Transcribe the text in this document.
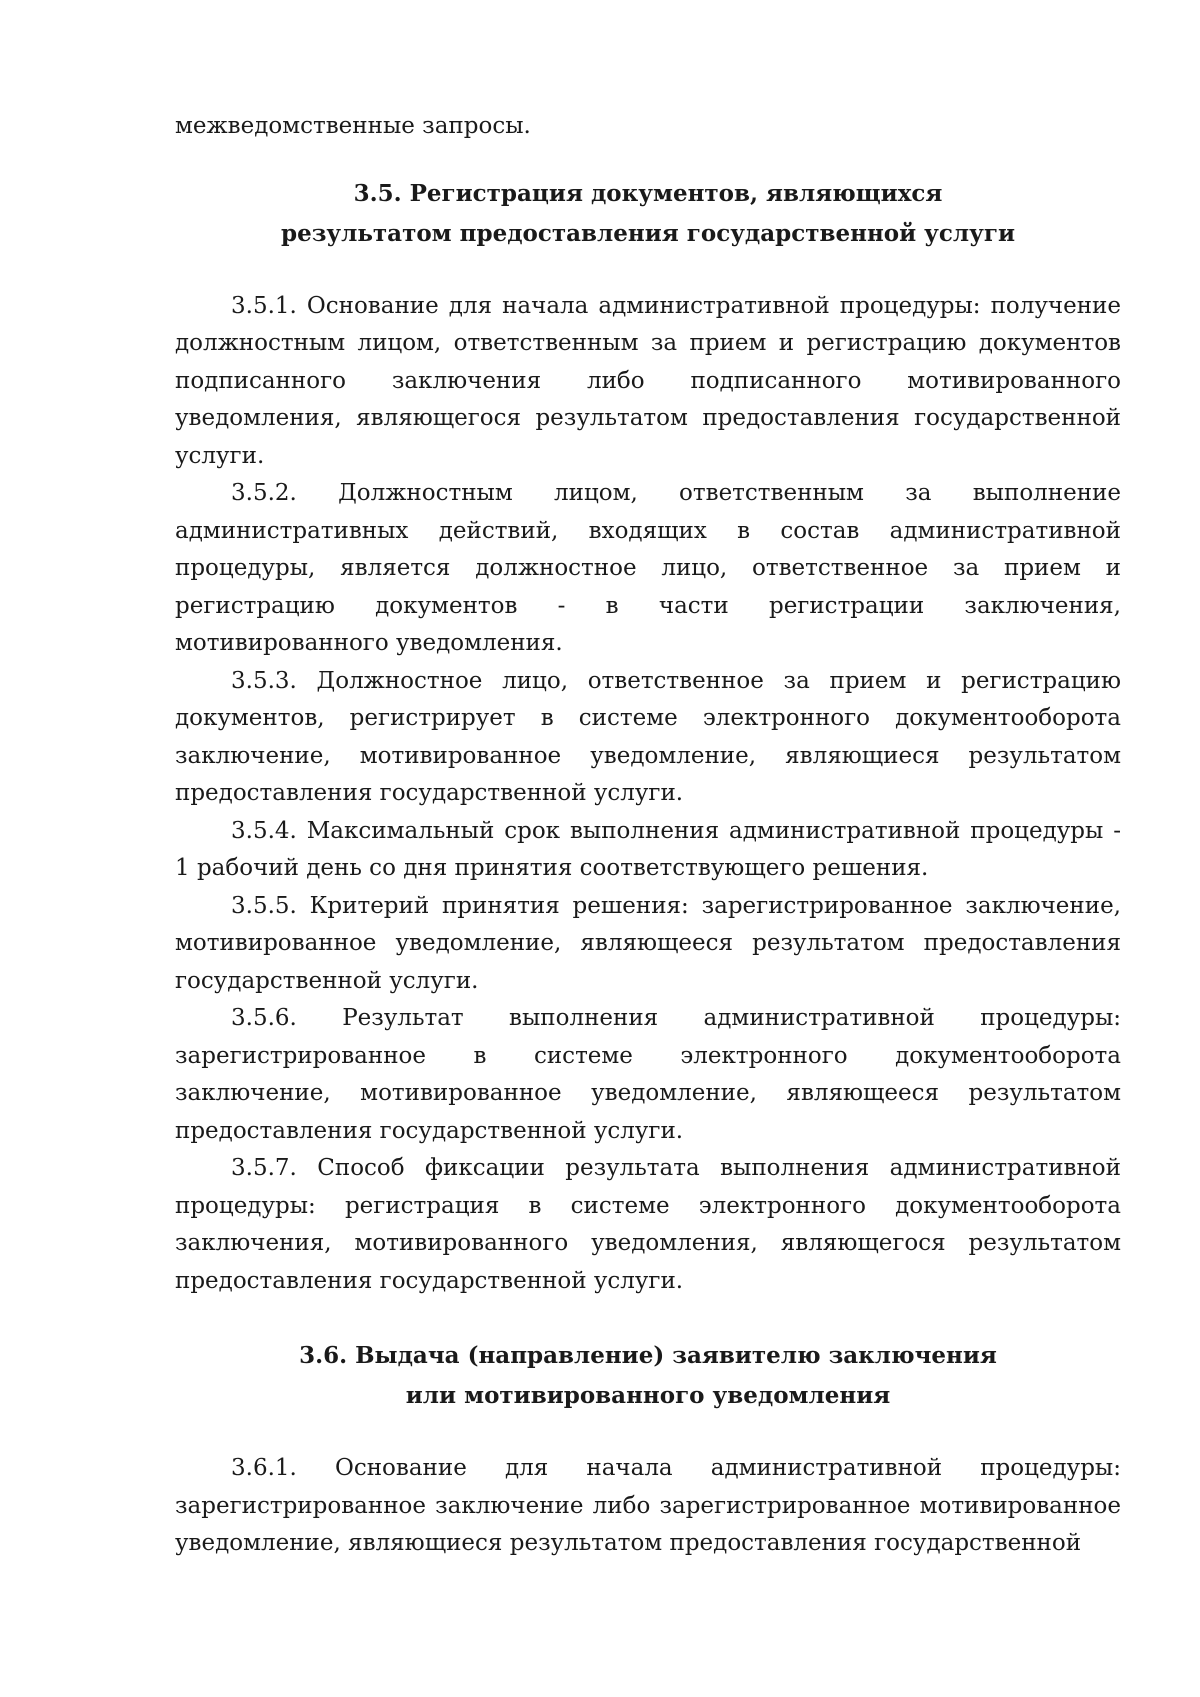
межведомственные запросы.

3.5. Регистрация документов, являющихся
результатом предоставления государственной услуги

3.5.1. Основание для начала административной процедуры: получение должностным лицом, ответственным за прием и регистрацию документов подписанного заключения либо подписанного мотивированного уведомления, являющегося результатом предоставления государственной услуги.

3.5.2. Должностным лицом, ответственным за выполнение административных действий, входящих в состав административной процедуры, является должностное лицо, ответственное за прием и регистрацию документов - в части регистрации заключения, мотивированного уведомления.

3.5.3. Должностное лицо, ответственное за прием и регистрацию документов, регистрирует в системе электронного документооборота заключение, мотивированное уведомление, являющиеся результатом предоставления государственной услуги.

3.5.4. Максимальный срок выполнения административной процедуры - 1 рабочий день со дня принятия соответствующего решения.

3.5.5. Критерий принятия решения: зарегистрированное заключение, мотивированное уведомление, являющееся результатом предоставления государственной услуги.

3.5.6. Результат выполнения административной процедуры: зарегистрированное в системе электронного документооборота заключение, мотивированное уведомление, являющееся результатом предоставления государственной услуги.

3.5.7. Способ фиксации результата выполнения административной процедуры: регистрация в системе электронного документооборота заключения, мотивированного уведомления, являющегося результатом предоставления государственной услуги.

3.6. Выдача (направление) заявителю заключения
или мотивированного уведомления

3.6.1. Основание для начала административной процедуры: зарегистрированное заключение либо зарегистрированное мотивированное уведомление, являющиеся результатом предоставления государственной
